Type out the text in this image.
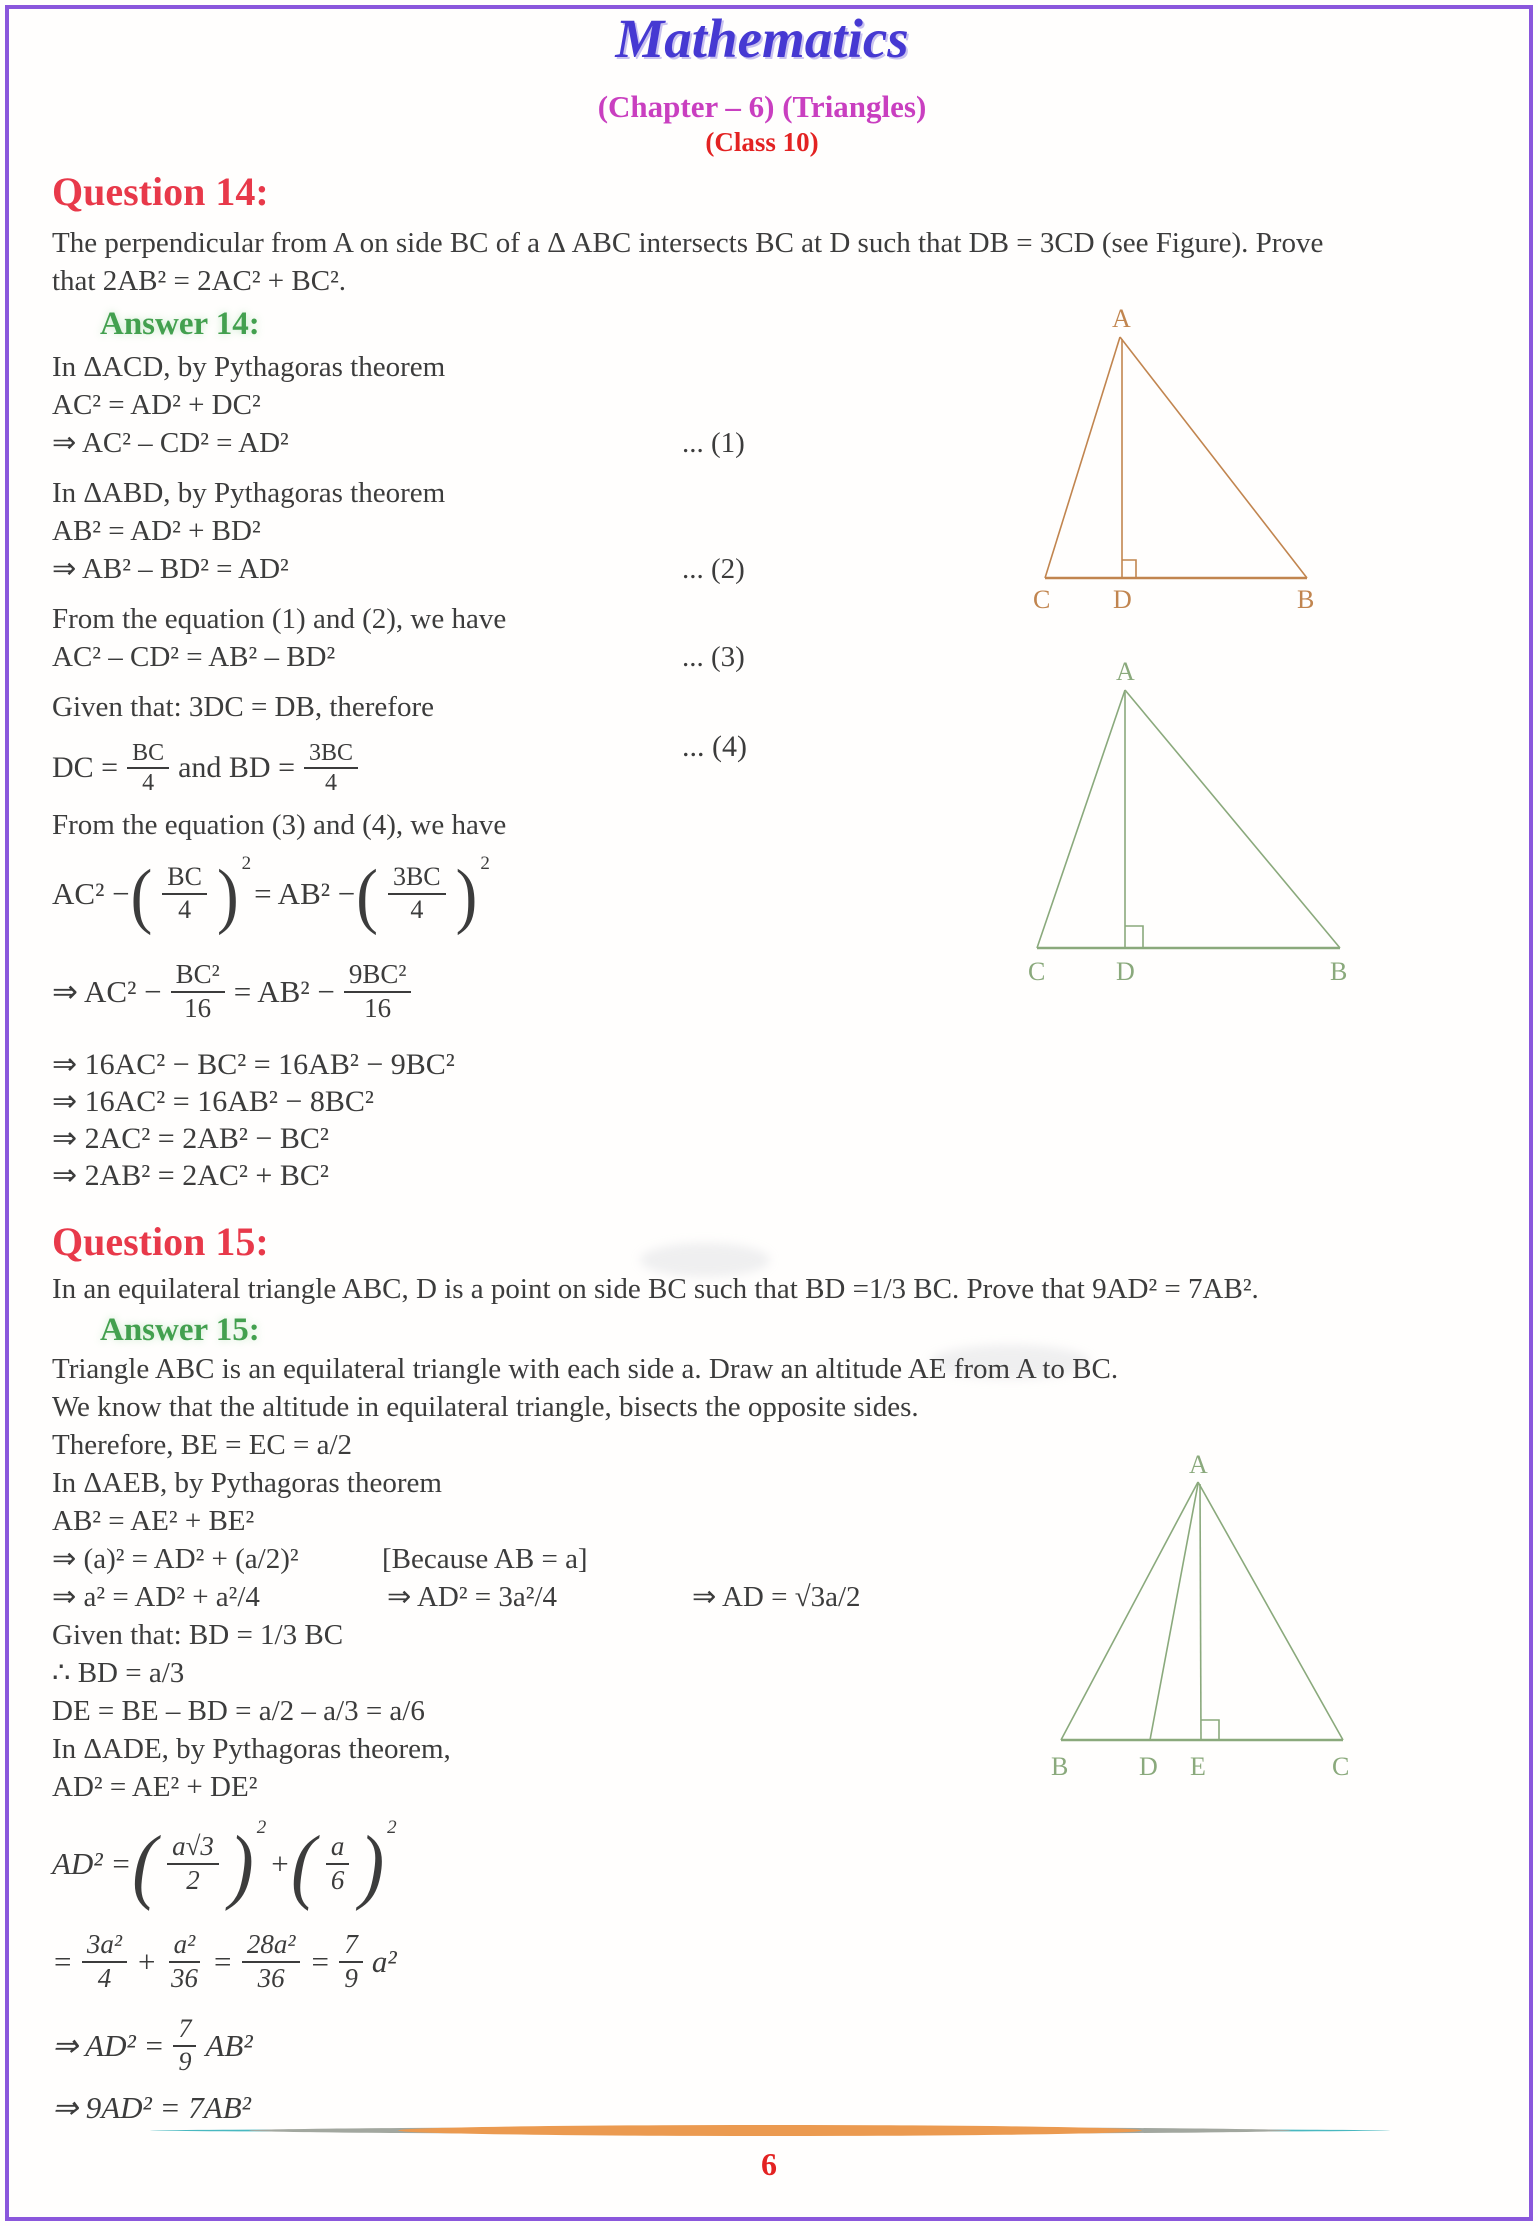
Mathematics
(Chapter – 6) (Triangles)
(Class 10)
Question 14:
The perpendicular from A on side BC of a Δ ABC intersects BC at D such that DB = 3CD (see Figure). Prove
that 2AB² = 2AC² + BC².
Answer 14:
In ΔACD, by Pythagoras theorem
AC² = AD² + DC²
⇒ AC² – CD² = AD²	... (1)
In ΔABD, by Pythagoras theorem
AB² = AD² + BD²
⇒ AB² – BD² = AD²	... (2)
From the equation (1) and (2), we have
AC² – CD² = AB² – BD²	... (3)
Given that: 3DC = DB, therefore
DC = $\frac{BC}{4}$ and BD = $\frac{3BC}{4}$	... (4)
From the equation (3) and (4), we have
AC² − ( $\frac{BC}{4}$ ) 2
= AB² − ( $\frac{3BC}{4}$ ) 2
⇒ $AC^2 - \frac{\text{BC²}}{16} = AB^2 - \frac{\text{9BC²}}{16}$
⇒ 16AC² − BC² = 16AB² − 9BC²
⇒ 16AC² = 16AB² − 8BC²
⇒ 2AC² = 2AB² − BC²
⇒ 2AB² = 2AC² + BC²
Question 15:
In an equilateral triangle ABC, D is a point on side BC such that BD =1/3 BC. Prove that 9AD² = 7AB².
Answer 15:
Triangle ABC is an equilateral triangle with each side a. Draw an altitude AE from A to BC.
We know that the altitude in equilateral triangle, bisects the opposite sides.
Therefore, BE = EC = a/2
In ΔAEB, by Pythagoras theorem
AB² = AE² + BE²
⇒ (a)² = AD² + (a/2)²	[Because AB = a]
⇒ a² = AD² + a²/4	⇒ AD² = 3a²/4	⇒ AD = √3a/2
Given that: BD = 1/3 BC
∴ BD = a/3
DE = BE – BD = a/2 – a/3 = a/6
In ΔADE, by Pythagoras theorem,
AD² = AE² + DE²
AD² = ( $\frac{a√3}{2}$ ) 2
+ ( $\frac{a}{6}$ ) 2
= $\frac{\text{3a²}}{4} + \frac{\text{a²}}{36} = \frac{\text{28a²}}{36} = \frac{7}{9} a^2$
⇒ $AD^2 = \frac{7}{9} AB^2$
⇒ 9AD² = 7AB²
A
C D	B
A
C	D	B
A
B	D E	C
6
